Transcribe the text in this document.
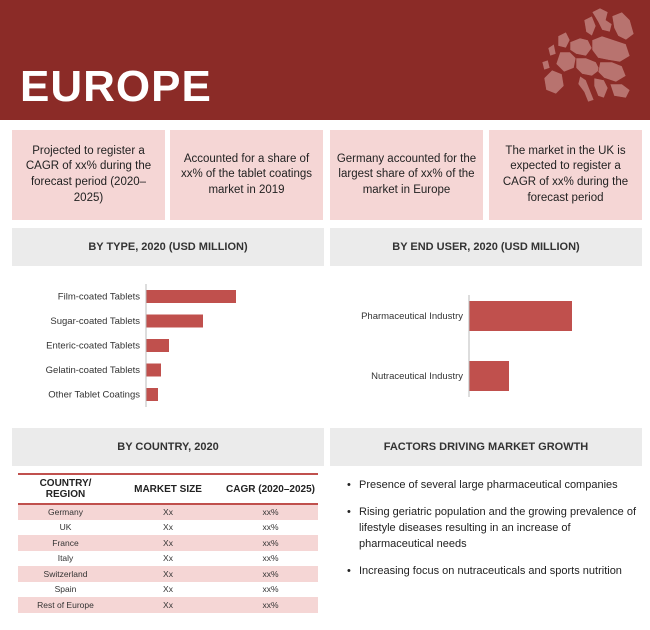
EUROPE
Projected to register a CAGR of xx% during the forecast period (2020–2025)
Accounted for a share of xx% of the tablet coatings market in 2019
Germany accounted for the largest share of xx% of the market in Europe
The market in the UK is expected to register a CAGR of xx% during the forecast period
BY TYPE, 2020 (USD MILLION)	BY END USER, 2020 (USD MILLION)
BY COUNTRY, 2020	FACTORS DRIVING MARKET GROWTH
Film-coated Tablets
Sugar-coated Tablets
Enteric-coated Tablets
Gelatin-coated Tablets
Other Tablet Coatings
Pharmaceutical Industry
Nutraceutical Industry
COUNTRY/ REGION	MARKET SIZE	CAGR (2020–2025)
Germany	Xx	xx%
UK	Xx	xx%
France	Xx	xx%
Italy	Xx	xx%
Switzerland	Xx	xx%
Spain	Xx	xx%
Rest of Europe	Xx	xx%
• Presence of several large pharmaceutical companies
• Rising geriatric population and the growing prevalence of lifestyle diseases resulting in an increase of pharmaceutical needs
• Increasing focus on nutraceuticals and sports nutrition
